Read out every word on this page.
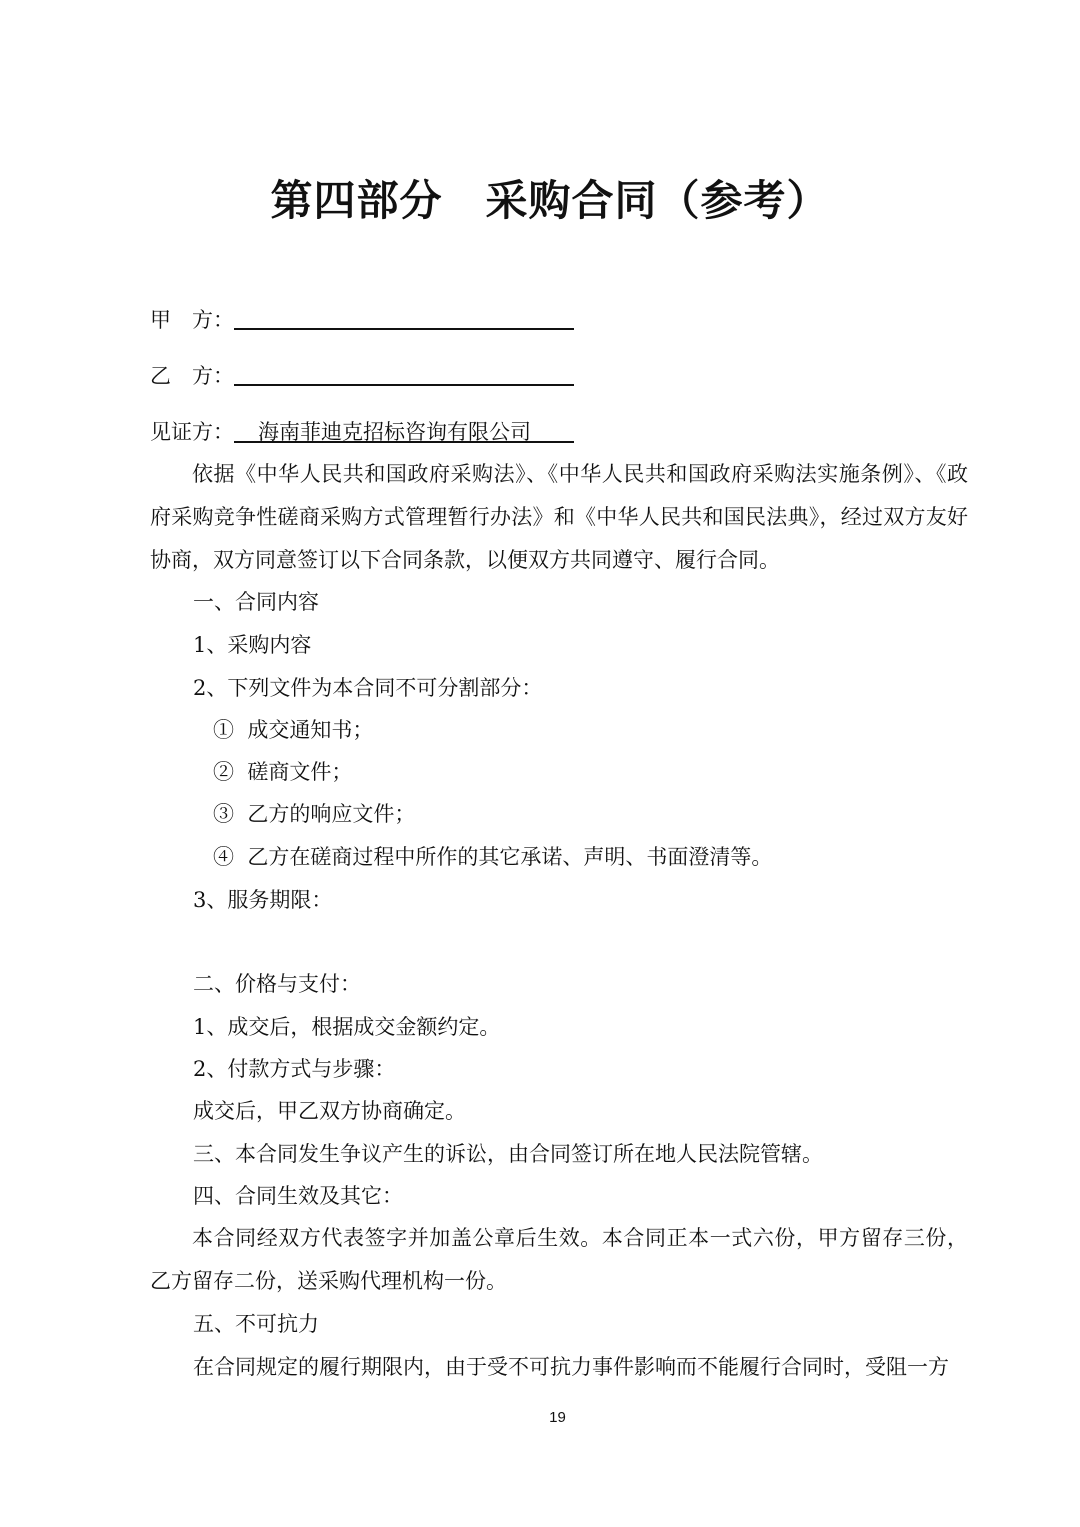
第四部分　采购合同（参考）
甲　方：
乙　方：
见证方： 海南菲迪克招标咨询有限公司
依据《中华人民共和国政府采购法》、《中华人民共和国政府采购法实施条例》、《政府采购竞争性磋商采购方式管理暂行办法》和《中华人民共和国民法典》，经过双方友好协商，双方同意签订以下合同条款，以便双方共同遵守、履行合同。
一、合同内容
1、采购内容
2、下列文件为本合同不可分割部分：
①  成交通知书；
②  磋商文件；
③  乙方的响应文件；
④  乙方在磋商过程中所作的其它承诺、声明、书面澄清等。
3、服务期限：
二、价格与支付：
1、成交后，根据成交金额约定。
2、付款方式与步骤：
成交后，甲乙双方协商确定。
三、本合同发生争议产生的诉讼，由合同签订所在地人民法院管辖。
四、合同生效及其它：
本合同经双方代表签字并加盖公章后生效。本合同正本一式六份，甲方留存三份，乙方留存二份，送采购代理机构一份。
五、不可抗力
在合同规定的履行期限内，由于受不可抗力事件影响而不能履行合同时，受阻一方
19
